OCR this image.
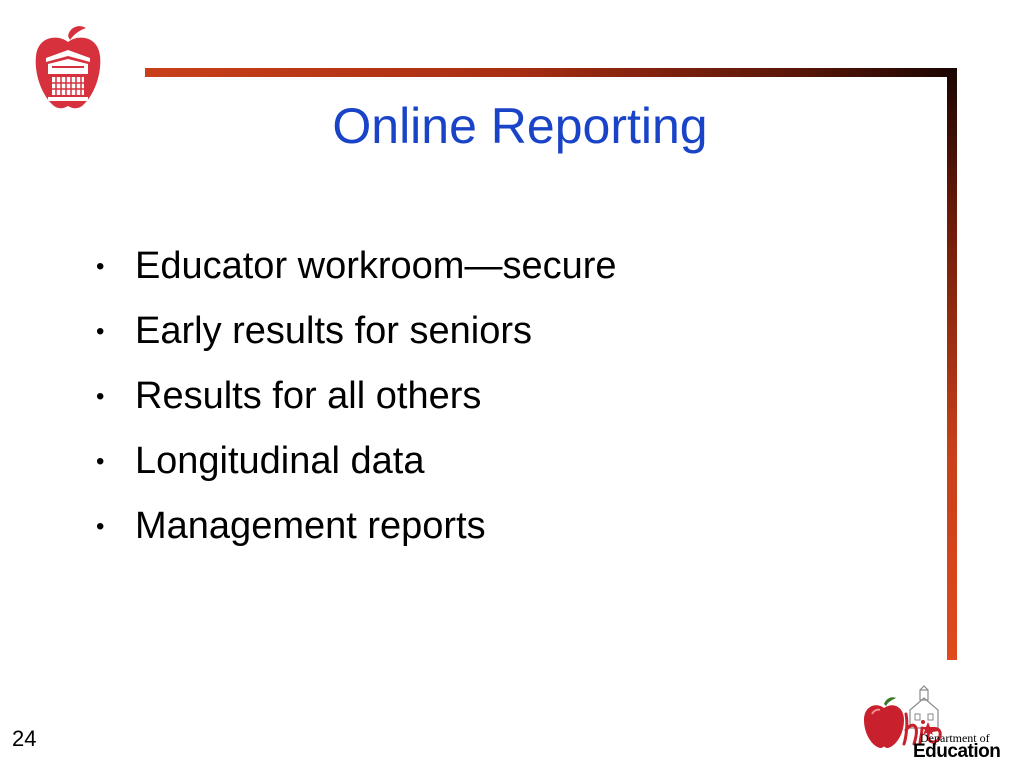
Online Reporting
• Educator workroom—secure
• Early results for seniors
• Results for all others
• Longitudinal data
• Management reports
24	Department of
Education
